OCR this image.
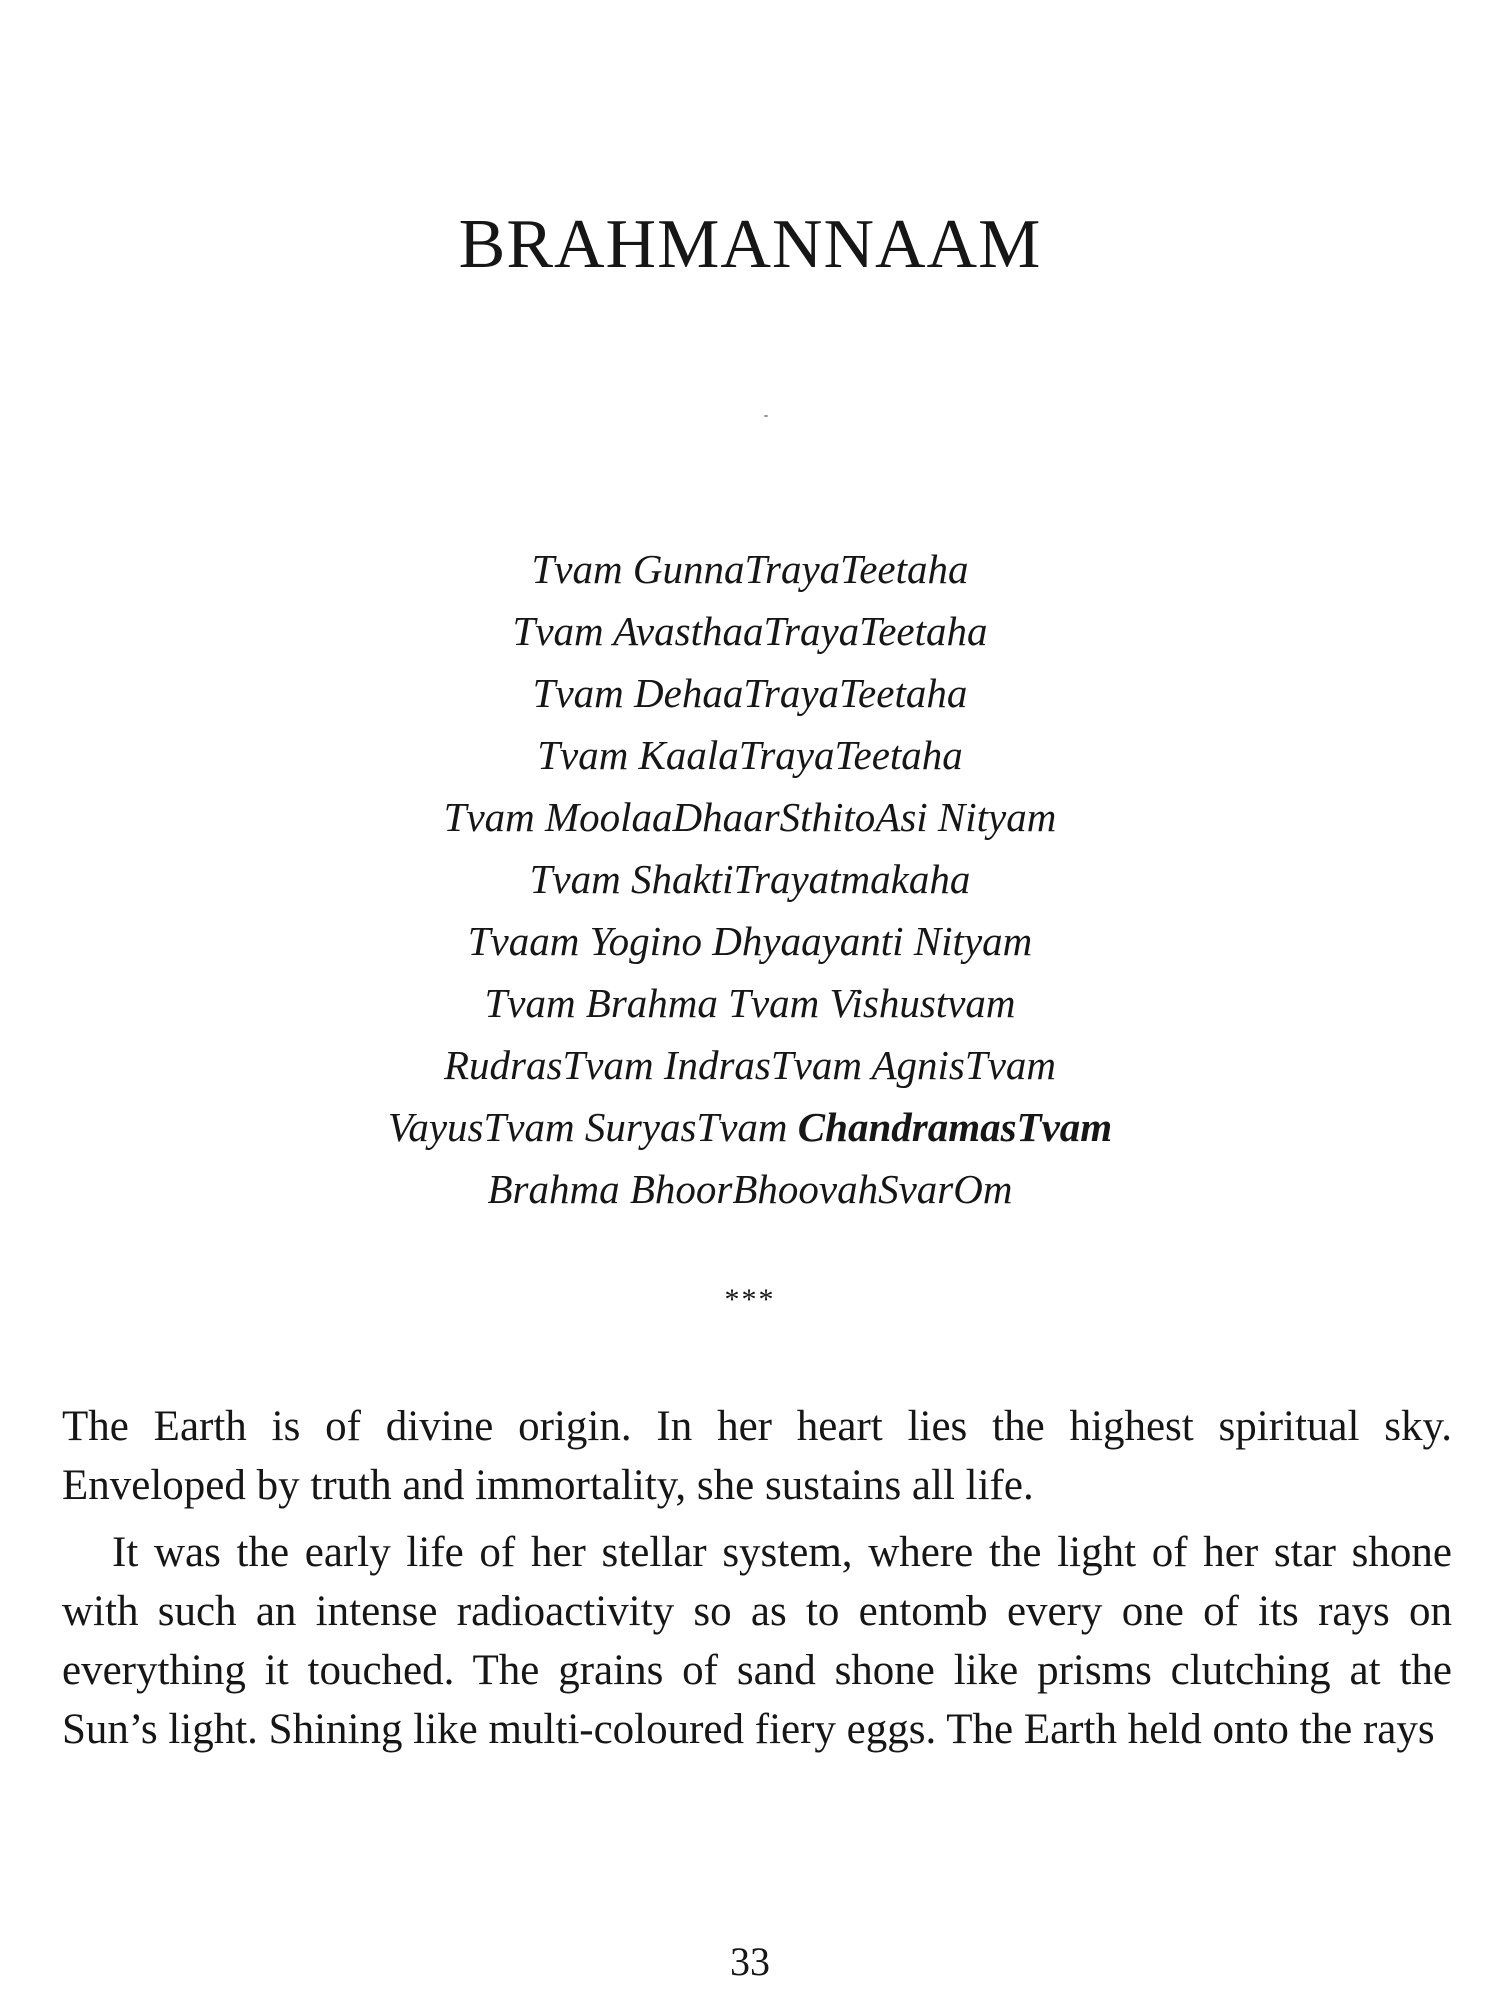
BRAHMANNAAM
Tvam GunnaTrayaTeetaha
Tvam AvasthaaTrayaTeetaha
Tvam DehaaTrayaTeetaha
Tvam KaalaTrayaTeetaha
Tvam MoolaaDhaarSthitoAsi Nityam
Tvam ShaktiTrayatmakaha
Tvaam Yogino Dhyaayanti Nityam
Tvam Brahma Tvam Vishustvam
RudrasTvam IndrasTvam AgnisTvam
VayusTvam SuryasTvam ChandramasTvam
Brahma BhoorBhoovahSvarOm
***

The Earth is of divine origin. In her heart lies the highest spiritual sky. Enveloped by truth and immortality, she sustains all life.

It was the early life of her stellar system, where the light of her star shone with such an intense radioactivity so as to entomb every one of its rays on everything it touched. The grains of sand shone like prisms clutching at the Sun’s light. Shining like multi-coloured fiery eggs. The Earth held onto the rays

33
